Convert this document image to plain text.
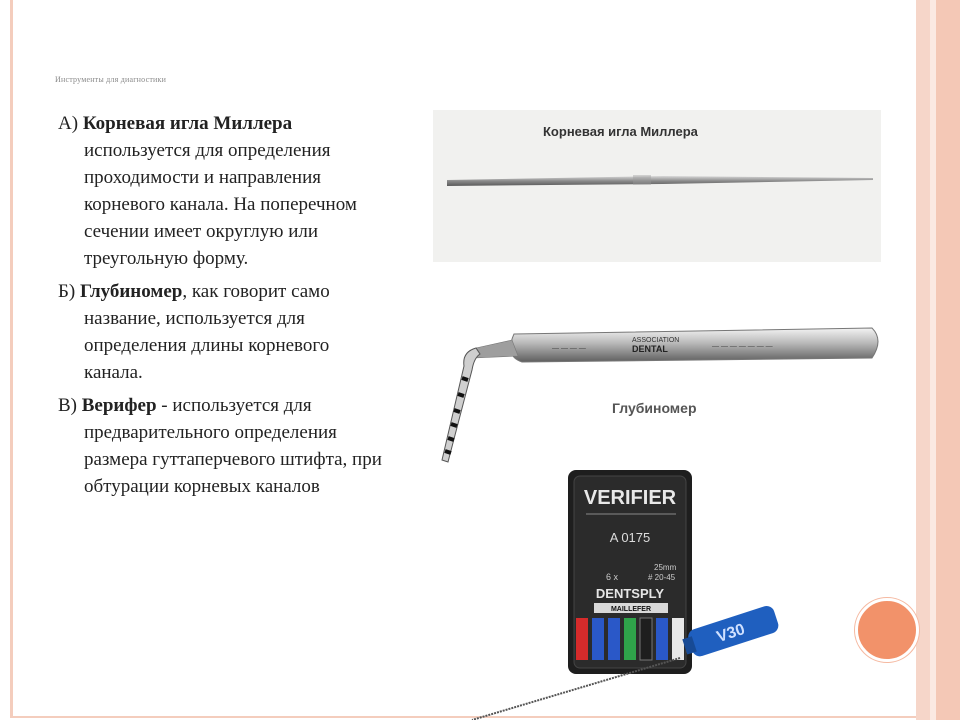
Инструменты для диагностики

А) Корневая игла Миллера используется для определения проходимости и направления корневого канала. На поперечном сечении имеет округлую или треугольную форму.

Б) Глубиномер, как говорит само название, используется для определения длины корневого канала.

В) Верифер - используется для предварительного определения размера гуттаперчевого штифта, при обтурации корневых каналов

Корневая игла Миллера
ASSOCIATION
DENTAL
— — — —	— — — — — — —
Глубиномер
VERIFIER
A 0175
25mm
6 x	# 20-45
DENTSPLY
MAILLEFER
V30
